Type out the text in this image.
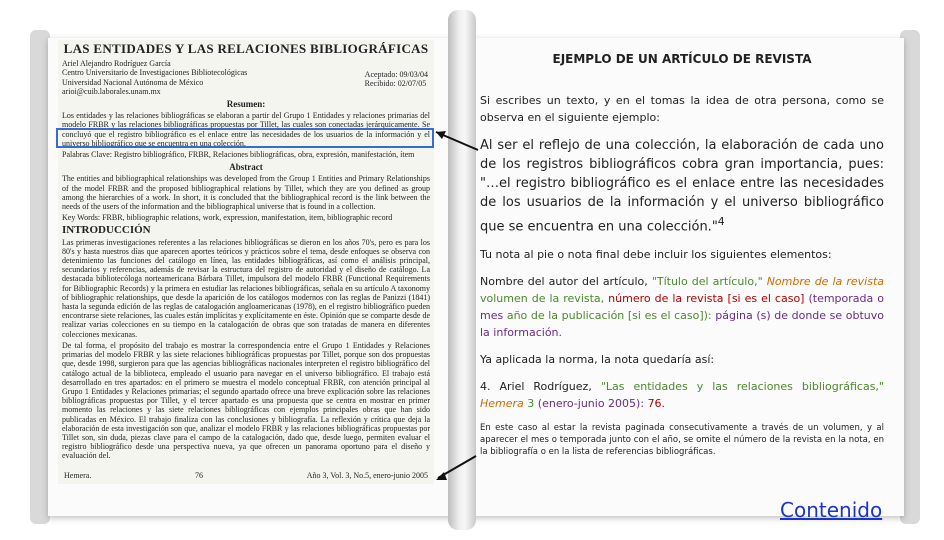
LAS ENTIDADES Y LAS RELACIONES BIBLIOGRÁFICAS
Ariel Alejandro Rodríguez García
Centro Universitario de Investigaciones Bibliotecológicas
Universidad Nacional Autónoma de México
arioi@cuib.laborales.unam.mx
Aceptado: 09/03/04
Recibido: 02/07/05
Resumen:
Los entidades y las relaciones bibliográficas se elaboran a partir del Grupo 1 Entidades y relaciones primarias del modelo FRBR y las relaciones bibliográficas propuestas por Tillet, las cuales son conectadas jerárquicamente. Se concluyó que el registro bibliográfico es el enlace entre las necesidades de los usuarios de la información y el universo bibliográfico que se encuentra en una colección.
Palabras Clave: Registro bibliográfico, FRBR, Relaciones bibliográficas, obra, expresión, manifestación, ítem
Abstract
The entities and bibliographical relationships was developed from the Group 1 Entities and Primary Relationships of the model FRBR and the proposed bibliographical relations by Tillet, which they are you defined as group among the hierarchies of a work. In short, it is concluded that the bibliographical record is the link between the needs of the users of the information and the bibliographical universe that is found in a collection.
Key Words: FRBR, bibliographic relations, work, expression, manifestation, item, bibliographic record
INTRODUCCIÓN
Las primeras investigaciones referentes a las relaciones bibliográficas se dieron en los años 70's, pero es para los 80's y hasta nuestros días que aparecen aportes teóricos y prácticos sobre el tema, desde enfoques se observa con detenimiento las funciones del catálogo en línea, las entidades bibliográficas, así como el análisis principal, secundarios y referencias, además de revisar la estructura del registro de autoridad y el diseño de catálogo. La destacada bibliotecóloga norteamericana Bárbara Tillet, impulsora del modelo FRBR (Functional Requirements for Bibliographic Records) y la primera en estudiar las relaciones bibliográficas, señala en su artículo A taxonomy of bibliographic relationships, que desde la aparición de los catálogos modernos con las reglas de Panizzi (1841) hasta la segunda edición de las reglas de catalogación angloamericanas (1978), en el registro bibliográfico pueden encontrarse siete relaciones, las cuales están implícitas y explícitamente en éste. Opinión que se comparte desde de realizar varias colecciones en su tiempo en la catalogación de obras que son tratadas de manera en diferentes colecciones mexicanas.
De tal forma, el propósito del trabajo es mostrar la correspondencia entre el Grupo 1 Entidades y Relaciones primarias del modelo FRBR y las siete relaciones bibliográficas propuestas por Tillet, porque son dos propuestas que, desde 1998, surgieron para que las agencias bibliográficas nacionales interpreten el registro bibliográfico del catálogo actual de la biblioteca, empleado el usuario para navegar en el universo bibliográfico. El trabajo está desarrollado en tres apartados: en el primero se muestra el modelo conceptual FRBR, con atención principal al Grupo 1 Entidades y Relaciones primarias; el segundo apartado ofrece una breve explicación sobre las relaciones bibliográficas propuestas por Tillet, y el tercer apartado es una propuesta que se centra en mostrar en primer momento las relaciones y las siete relaciones bibliográficas con ejemplos principales obras que han sido publicadas en México. El trabajo finaliza con las conclusiones y bibliografía. La reflexión y crítica que deja la elaboración de esta investigación son que, analizar el modelo FRBR y las relaciones bibliográficas propuestas por Tillet son, sin duda, piezas clave para el campo de la catalogación, dado que, desde luego, permiten evaluar el registro bibliográfico desde una perspectiva nueva, ya que ofrecen un panorama oportuno para el diseño y evaluación del.
Hemera.	76	Año 3, Vol. 3, No.5, enero-junio 2005
EJEMPLO DE UN ARTÍCULO DE REVISTA

Si escribes un texto, y en el tomas la idea de otra persona, como se observa en el siguiente ejemplo:

Al ser el reflejo de una colección, la elaboración de cada uno de los registros bibliográficos cobra gran importancia, pues: "…el registro bibliográfico es el enlace entre las necesidades de los usuarios de la información y el universo bibliográfico que se encuentra en una colección."$^4$

Tu nota al pie o nota final debe incluir los siguientes elementos:

Nombre del autor del artículo, "Título del artículo," Nombre de la revista volumen de la revista, número de la revista [si es el caso] (temporada o mes año de la publicación [si es el caso]): página (s) de donde se obtuvo la información.

Ya aplicada la norma, la nota quedaría así:

4. Ariel Rodríguez, "Las entidades y las relaciones bibliográficas," Hemera 3 (enero-junio 2005): 76.

En este caso al estar la revista paginada consecutivamente a través de un volumen, y al aparecer el mes o temporada junto con el año, se omite el número de la revista en la nota, en la bibliografía o en la lista de referencias bibliográficas.

Contenido
